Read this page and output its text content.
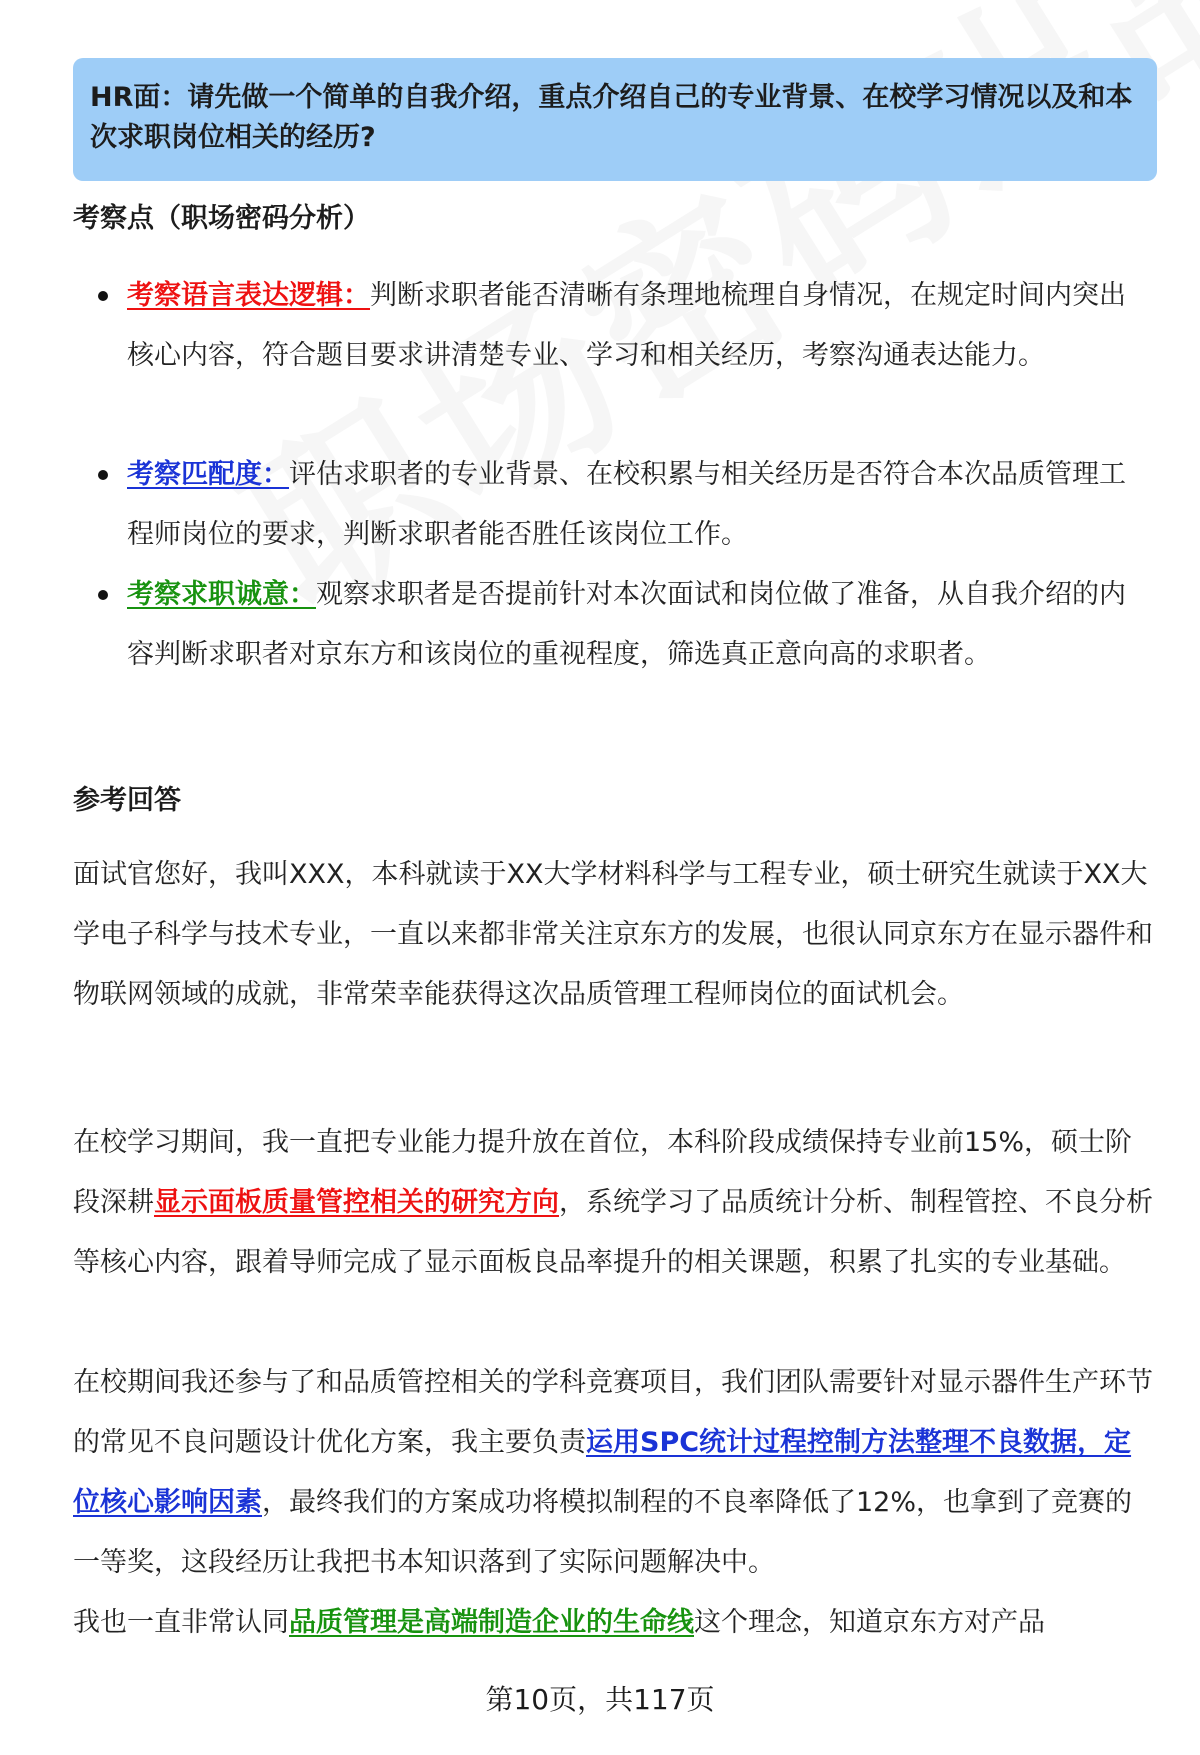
HR面：请先做一个简单的自我介绍，重点介绍自己的专业背景、在校学习情况以及和本次求职岗位相关的经历?
考察点（职场密码分析）
考察语言表达逻辑：判断求职者能否清晰有条理地梳理自身情况，在规定时间内突出核心内容，符合题目要求讲清楚专业、学习和相关经历，考察沟通表达能力。
考察匹配度：评估求职者的专业背景、在校积累与相关经历是否符合本次品质管理工程师岗位的要求，判断求职者能否胜任该岗位工作。
考察求职诚意：观察求职者是否提前针对本次面试和岗位做了准备，从自我介绍的内容判断求职者对京东方和该岗位的重视程度，筛选真正意向高的求职者。
参考回答
面试官您好，我叫XXX，本科就读于XX大学材料科学与工程专业，硕士研究生就读于XX大学电子科学与技术专业，一直以来都非常关注京东方的发展，也很认同京东方在显示器件和物联网领域的成就，非常荣幸能获得这次品质管理工程师岗位的面试机会。
在校学习期间，我一直把专业能力提升放在首位，本科阶段成绩保持专业前15%，硕士阶段深耕显示面板质量管控相关的研究方向，系统学习了品质统计分析、制程管控、不良分析等核心内容，跟着导师完成了显示面板良品率提升的相关课题，积累了扎实的专业基础。
在校期间我还参与了和品质管控相关的学科竞赛项目，我们团队需要针对显示器件生产环节的常见不良问题设计优化方案，我主要负责运用SPC统计过程控制方法整理不良数据，定位核心影响因素，最终我们的方案成功将模拟制程的不良率降低了12%，也拿到了竞赛的一等奖，这段经历让我把书本知识落到了实际问题解决中。
我也一直非常认同品质管理是高端制造企业的生命线这个理念，知道京东方对产品
第10页，共117页
